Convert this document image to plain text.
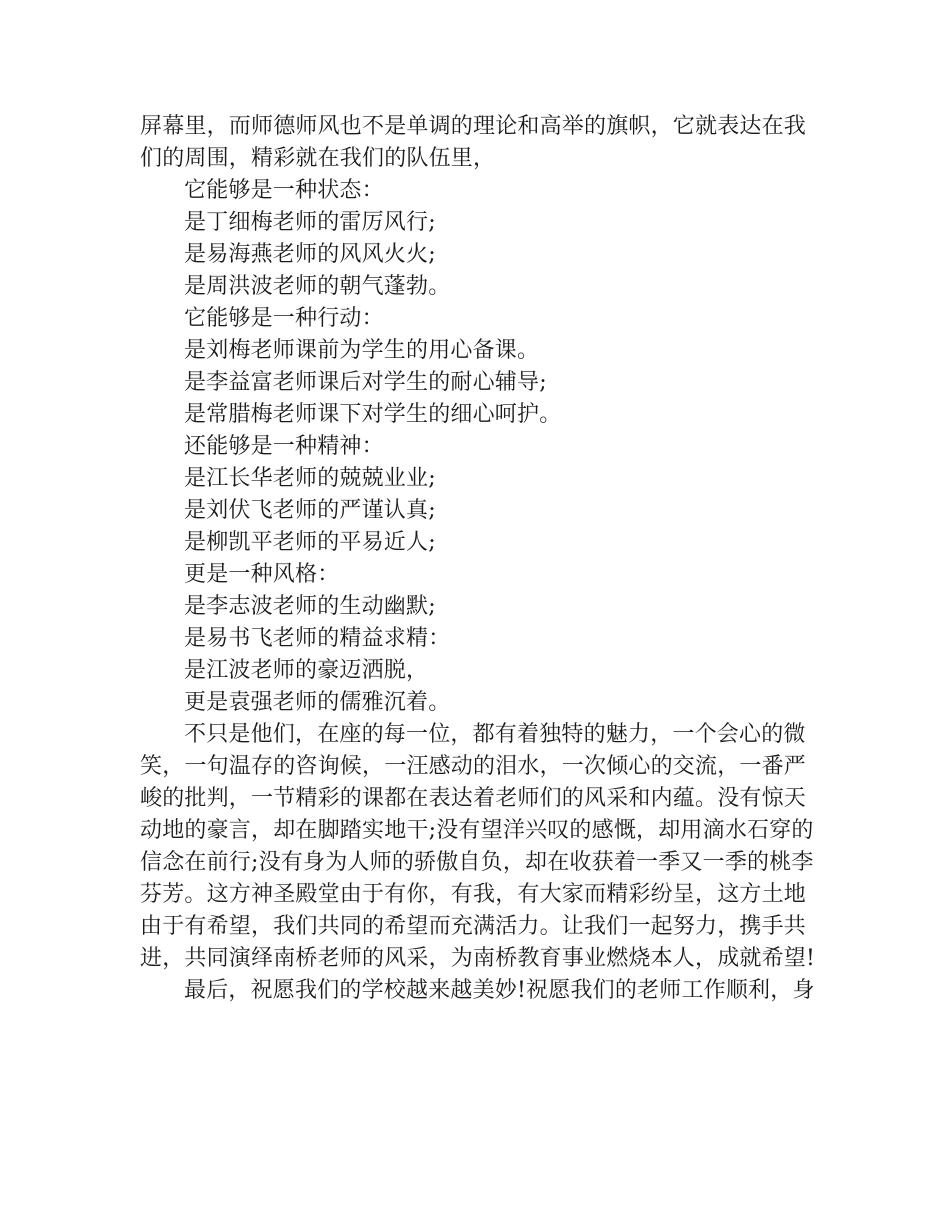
屏幕里，而师德师风也不是单调的理论和高举的旗帜，它就表达在我
们的周围，精彩就在我们的队伍里，
它能够是一种状态：
是丁细梅老师的雷厉风行;
是易海燕老师的风风火火;
是周洪波老师的朝气蓬勃。
它能够是一种行动：
是刘梅老师课前为学生的用心备课。
是李益富老师课后对学生的耐心辅导;
是常腊梅老师课下对学生的细心呵护。
还能够是一种精神：
是江长华老师的兢兢业业;
是刘伏飞老师的严谨认真;
是柳凯平老师的平易近人;
更是一种风格：
是李志波老师的生动幽默;
是易书飞老师的精益求精：
是江波老师的豪迈洒脱，
更是袁强老师的儒雅沉着。
不只是他们，在座的每一位，都有着独特的魅力，一个会心的微
笑，一句温存的咨询候，一汪感动的泪水，一次倾心的交流，一番严
峻的批判，一节精彩的课都在表达着老师们的风采和内蕴。没有惊天
动地的豪言，却在脚踏实地干;没有望洋兴叹的感慨，却用滴水石穿的
信念在前行;没有身为人师的骄傲自负，却在收获着一季又一季的桃李
芬芳。这方神圣殿堂由于有你，有我，有大家而精彩纷呈，这方土地
由于有希望，我们共同的希望而充满活力。让我们一起努力，携手共
进，共同演绎南桥老师的风采，为南桥教育事业燃烧本人，成就希望!
最后，祝愿我们的学校越来越美妙!祝愿我们的老师工作顺利，身
